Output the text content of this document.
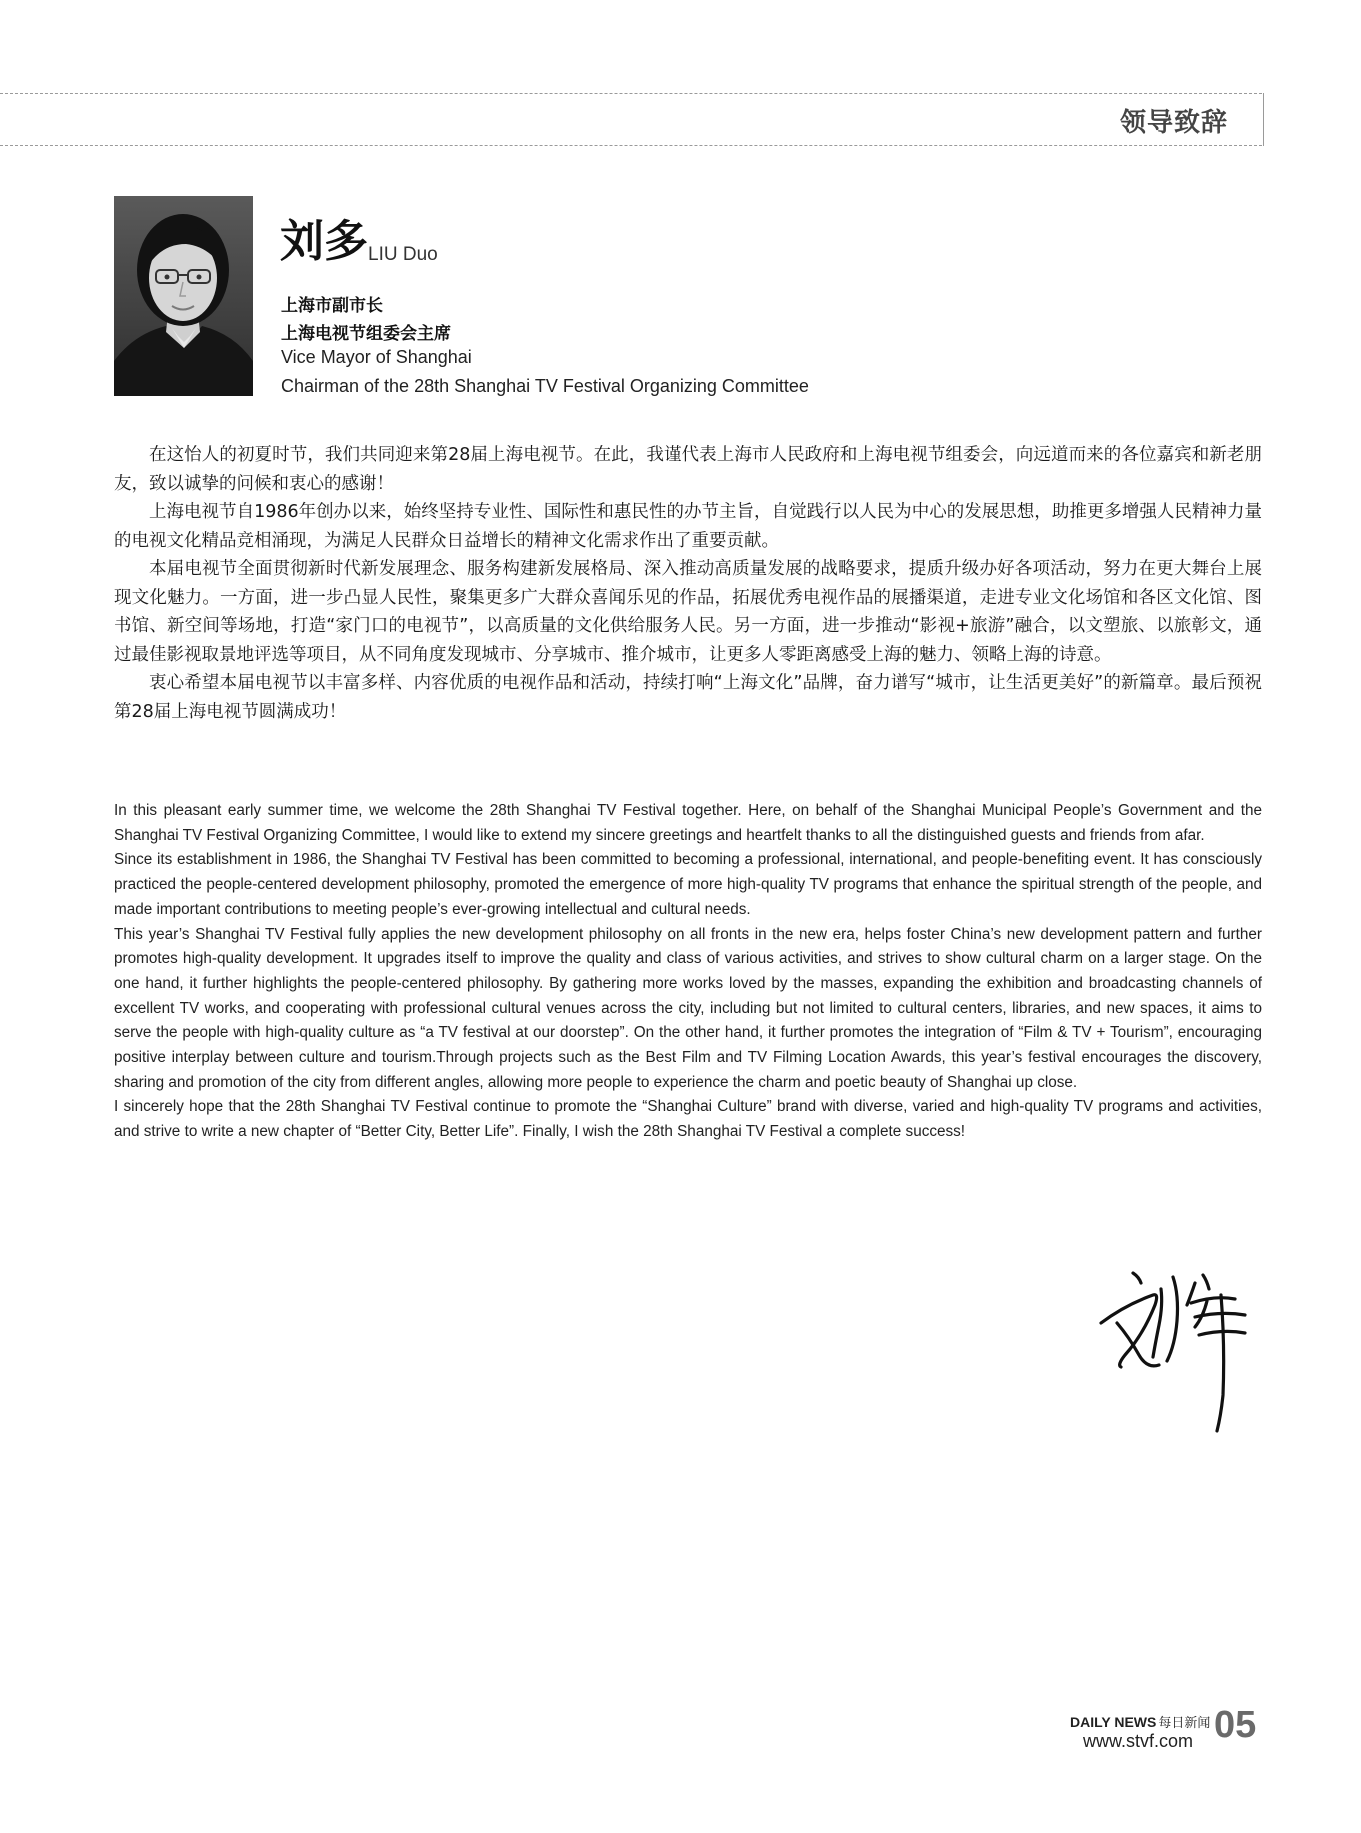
领导致辞
刘多 LIU Duo
上海市副市长
上海电视节组委会主席
Vice Mayor of Shanghai
Chairman of the 28th Shanghai TV Festival Organizing Committee

在这怡人的初夏时节，我们共同迎来第28届上海电视节。在此，我谨代表上海市人民政府和上海电视节组委会，向远道而来的各位嘉宾和新老朋友，致以诚挚的问候和衷心的感谢！

上海电视节自1986年创办以来，始终坚持专业性、国际性和惠民性的办节主旨，自觉践行以人民为中心的发展思想，助推更多增强人民精神力量的电视文化精品竞相涌现，为满足人民群众日益增长的精神文化需求作出了重要贡献。

本届电视节全面贯彻新时代新发展理念、服务构建新发展格局、深入推动高质量发展的战略要求，提质升级办好各项活动，努力在更大舞台上展现文化魅力。一方面，进一步凸显人民性，聚集更多广大群众喜闻乐见的作品，拓展优秀电视作品的展播渠道，走进专业文化场馆和各区文化馆、图书馆、新空间等场地，打造“家门口的电视节”，以高质量的文化供给服务人民。另一方面，进一步推动“影视+旅游”融合，以文塑旅、以旅彰文，通过最佳影视取景地评选等项目，从不同角度发现城市、分享城市、推介城市，让更多人零距离感受上海的魅力、领略上海的诗意。

衷心希望本届电视节以丰富多样、内容优质的电视作品和活动，持续打响“上海文化”品牌，奋力谱写“城市，让生活更美好”的新篇章。最后预祝第28届上海电视节圆满成功！

In this pleasant early summer time, we welcome the 28th Shanghai TV Festival together. Here, on behalf of the Shanghai Municipal People’s Government and the Shanghai TV Festival Organizing Committee, I would like to extend my sincere greetings and heartfelt thanks to all the distinguished guests and friends from afar.

Since its establishment in 1986, the Shanghai TV Festival has been committed to becoming a professional, international, and people-benefiting event. It has consciously practiced the people-centered development philosophy, promoted the emergence of more high-quality TV programs that enhance the spiritual strength of the people, and made important contributions to meeting people’s ever-growing intellectual and cultural needs.

This year’s Shanghai TV Festival fully applies the new development philosophy on all fronts in the new era, helps foster China’s new development pattern and further promotes high-quality development. It upgrades itself to improve the quality and class of various activities, and strives to show cultural charm on a larger stage. On the one hand, it further highlights the people-centered philosophy. By gathering more works loved by the masses, expanding the exhibition and broadcasting channels of excellent TV works, and cooperating with professional cultural venues across the city, including but not limited to cultural centers, libraries, and new spaces, it aims to serve the people with high-quality culture as “a TV festival at our doorstep”. On the other hand, it further promotes the integration of “Film & TV + Tourism”, encouraging positive interplay between culture and tourism.Through projects such as the Best Film and TV Filming Location Awards, this year’s festival encourages the discovery, sharing and promotion of the city from different angles, allowing more people to experience the charm and poetic beauty of Shanghai up close.

I sincerely hope that the 28th Shanghai TV Festival continue to promote the “Shanghai Culture” brand with diverse, varied and high-quality TV programs and activities, and strive to write a new chapter of “Better City, Better Life”. Finally, I wish the 28th Shanghai TV Festival a complete success!

DAILY NEWS 每日新闻
www.stvf.com 05
